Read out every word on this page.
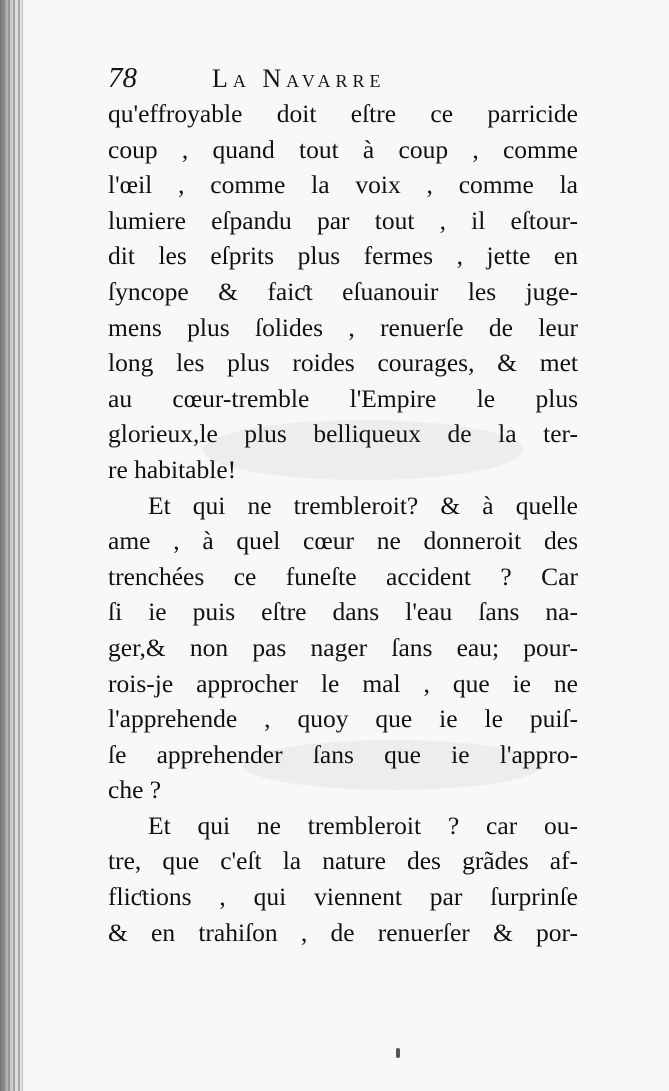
78	La Navarre
qu'effroyable doit eſtre ce parricide
coup , quand tout à coup , comme
l'œil , comme la voix , comme la
lumiere eſpandu par tout , il eſtour-
dit les eſprits plus fermes , jette en
ſyncope & faiƈt eſuanouir les juge-
mens plus ſolides , renuerſe de leur
long les plus roides courages, & met
au cœur-tremble l'Empire le plus
glorieux,le plus belliqueux de la ter-
re habitable!
Et qui ne trembleroit? & à quelle
ame , à quel cœur ne donneroit des
trenchées ce funeſte accident ? Car
ſi ie puis eſtre dans l'eau ſans na-
ger,& non pas nager ſans eau; pour-
rois-je approcher le mal , que ie ne
l'apprehende , quoy que ie le puiſ-
ſe apprehender ſans que ie l'appro-
che ?
Et qui ne trembleroit ? car ou-
tre, que c'eſt la nature des grãdes af-
fliƈtions , qui viennent par ſurprinſe
& en trahiſon , de renuerſer & por-
